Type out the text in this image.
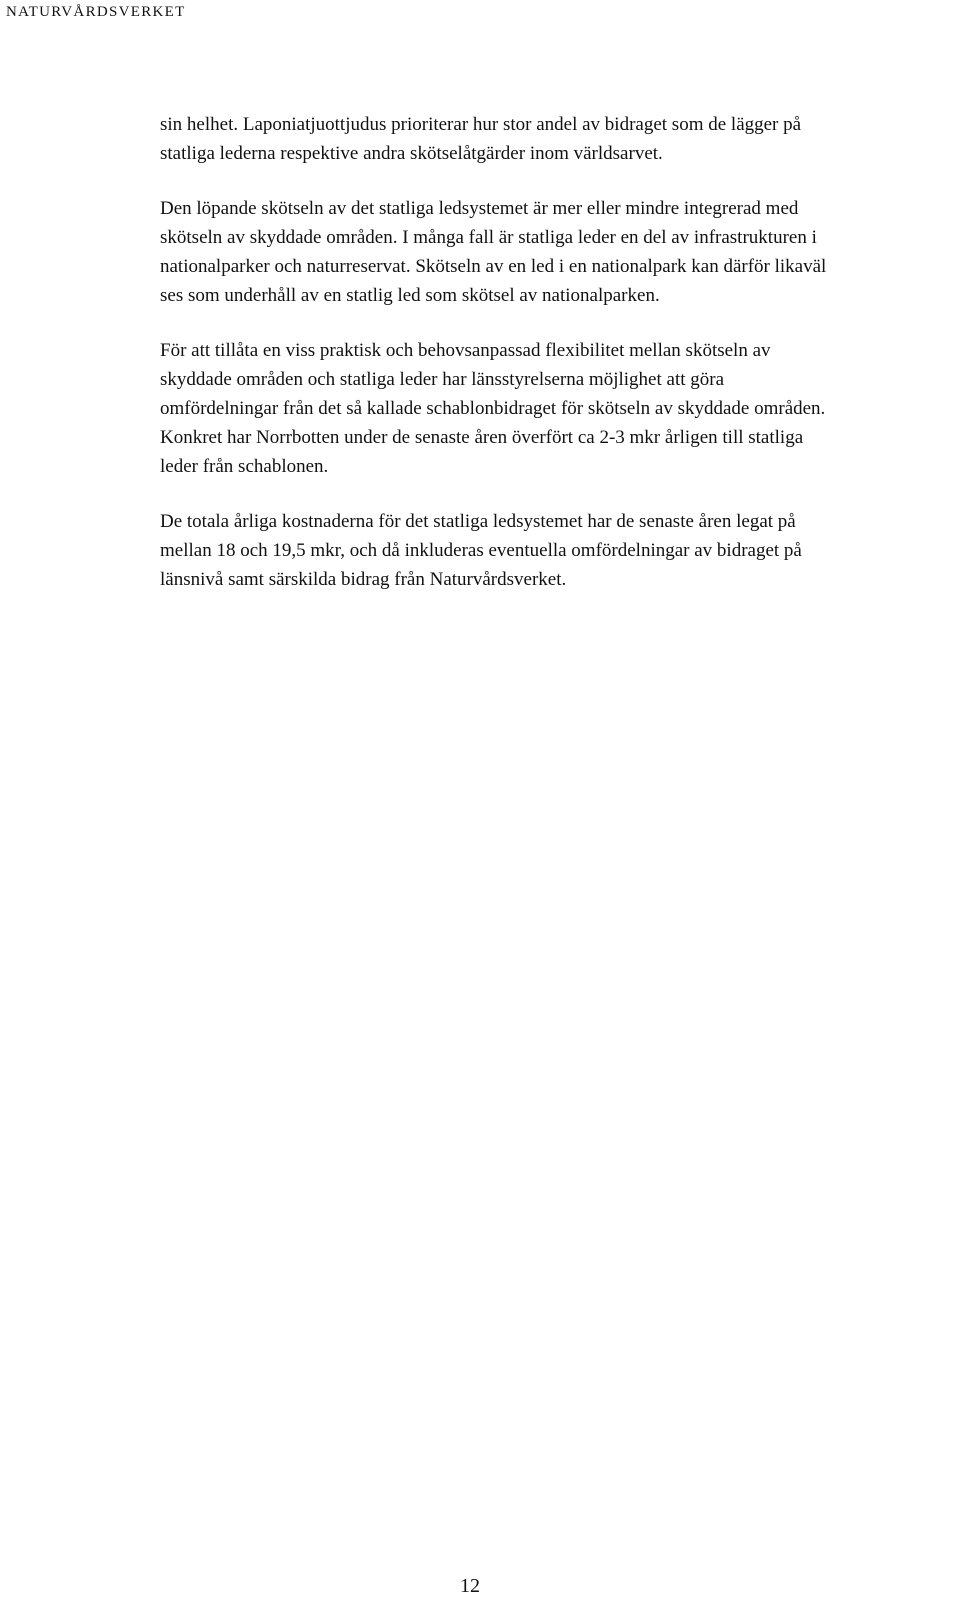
NATURVÅRDSVERKET

sin helhet. Laponiatjuottjudus prioriterar hur stor andel av bidraget som de lägger på
statliga lederna respektive andra skötselåtgärder inom världsarvet.

Den löpande skötseln av det statliga ledsystemet är mer eller mindre integrerad med
skötseln av skyddade områden. I många fall är statliga leder en del av infrastrukturen i
nationalparker och naturreservat. Skötseln av en led i en nationalpark kan därför likaväl
ses som underhåll av en statlig led som skötsel av nationalparken.

För att tillåta en viss praktisk och behovsanpassad flexibilitet mellan skötseln av
skyddade områden och statliga leder har länsstyrelserna möjlighet att göra
omfördelningar från det så kallade schablonbidraget för skötseln av skyddade områden.
Konkret har Norrbotten under de senaste åren överfört ca 2-3 mkr årligen till statliga
leder från schablonen.

De totala årliga kostnaderna för det statliga ledsystemet har de senaste åren legat på
mellan 18 och 19,5 mkr, och då inkluderas eventuella omfördelningar av bidraget på
länsnivå samt särskilda bidrag från Naturvårdsverket.

12
